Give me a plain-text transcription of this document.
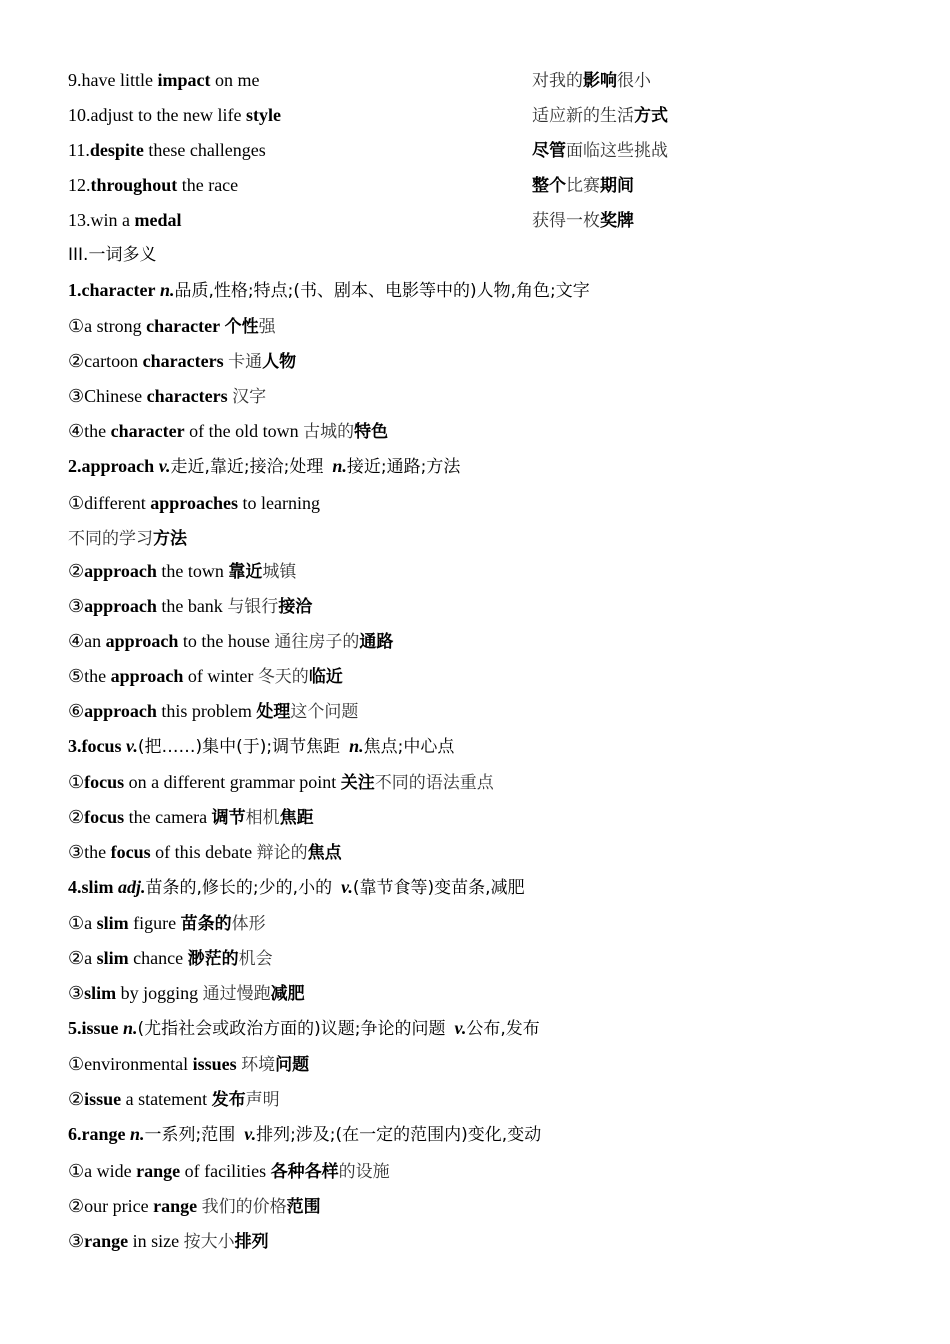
9.have little impact on me	对我的影响很小
10.adjust to the new life style	适应新的生活方式
11.despite these challenges	尽管面临这些挑战
12.throughout the race	整个比赛期间
13.win a medal	获得一枚奖牌
III.一词多义
1.character n.品质,性格;特点;(书、剧本、电影等中的)人物,角色;文字
①a strong character 个性强
②cartoon characters 卡通人物
③Chinese characters 汉字
④the character of the old town 古城的特色
2.approach v.走近,靠近;接洽;处理 n.接近;通路;方法
①different approaches to learning
不同的学习方法
②approach the town 靠近城镇
③approach the bank 与银行接洽
④an approach to the house 通往房子的通路
⑤the approach of winter 冬天的临近
⑥approach this problem 处理这个问题
3.focus v.(把……)集中(于);调节焦距 n.焦点;中心点
①focus on a different grammar point 关注不同的语法重点
②focus the camera 调节相机焦距
③the focus of this debate 辩论的焦点
4.slim adj.苗条的,修长的;少的,小的 v.(靠节食等)变苗条,减肥
①a slim figure 苗条的体形
②a slim chance 渺茫的机会
③slim by jogging 通过慢跑减肥
5.issue n.(尤指社会或政治方面的)议题;争论的问题 v.公布,发布
①environmental issues 环境问题
②issue a statement 发布声明
6.range n.一系列;范围 v.排列;涉及;(在一定的范围内)变化,变动
①a wide range of facilities 各种各样的设施
②our price range 我们的价格范围
③range in size 按大小排列
